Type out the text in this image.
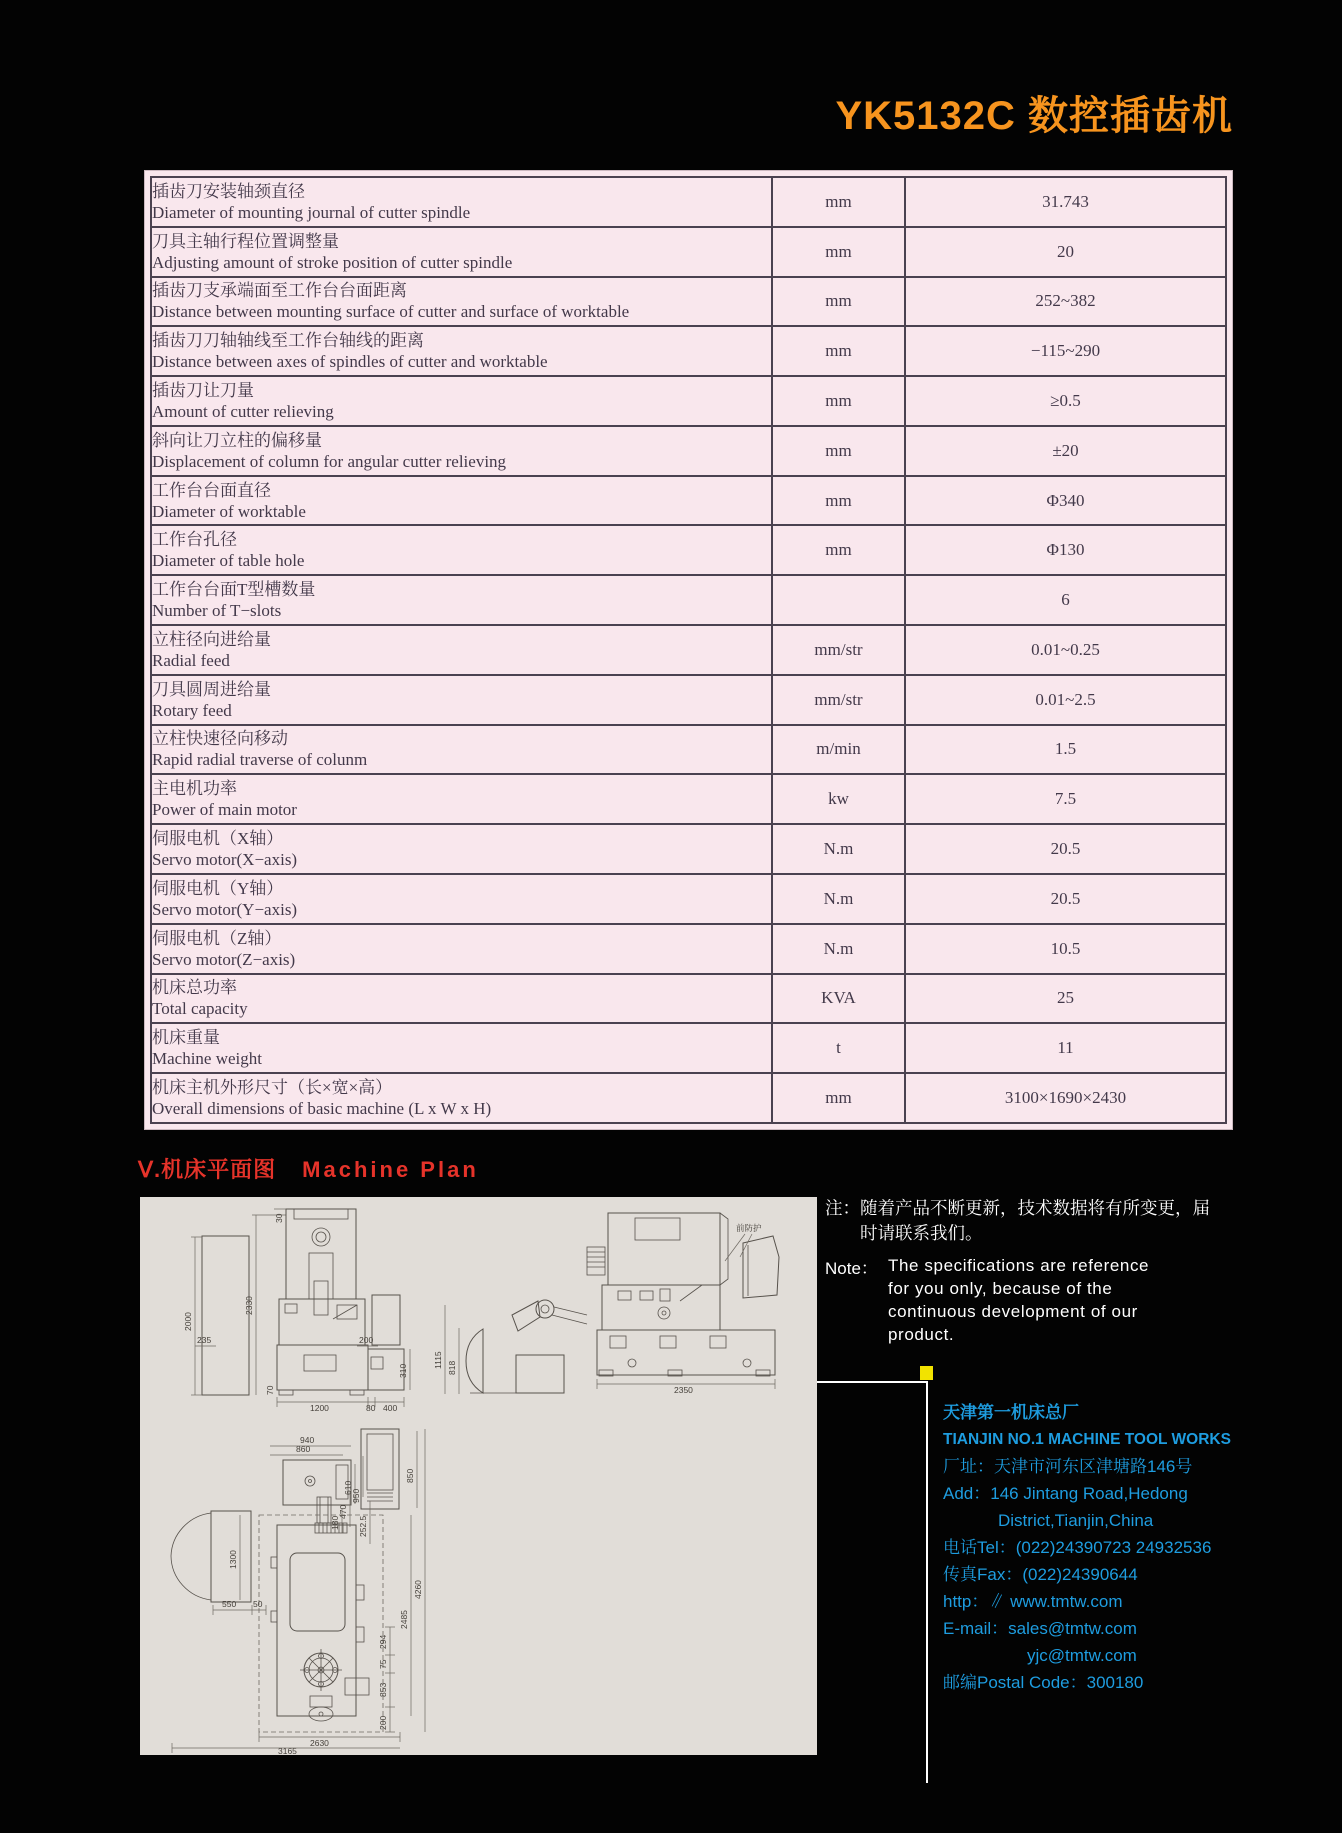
YK5132C 数控插齿机
插齿刀安装轴颈直径
Diameter of mounting journal of cutter spindle	mm	31.743

刀具主轴行程位置调整量
Adjusting amount of stroke position of cutter spindle	mm	20

插齿刀支承端面至工作台台面距离
Distance between mounting surface of cutter and surface of worktable	mm	252~382

插齿刀刀轴轴线至工作台轴线的距离
Distance between axes of spindles of cutter and worktable	mm	−115~290

插齿刀让刀量
Amount of cutter relieving	mm	≥0.5

斜向让刀立柱的偏移量
Displacement of column for angular cutter relieving	mm	±20

工作台台面直径
Diameter of worktable	mm	Φ340

工作台孔径
Diameter of table hole	mm	Φ130

工作台台面T型槽数量
Number of T−slots		6

立柱径向进给量
Radial feed	mm/str	0.01~0.25

刀具圆周进给量
Rotary feed	mm/str	0.01~2.5

立柱快速径向移动
Rapid radial traverse of colunm	m/min	1.5

主电机功率
Power of main motor	kw	7.5

伺服电机（X轴）
Servo motor(X−axis)	N.m	20.5

伺服电机（Y轴）
Servo motor(Y−axis)	N.m	20.5

伺服电机（Z轴）
Servo motor(Z−axis)	N.m	10.5

机床总功率
Total capacity	KVA	25

机床重量
Machine weight	t	11

机床主机外形尺寸（长×宽×高）
Overall dimensions of basic machine (L x W x H)	mm	3100×1690×2430
—
Ⅴ.机床平面图 Machine Plan
2000
2330
30
235	200
70
310
1200	80 400
前防护
1115 818
2350
940
860
850
610
950
470
180 252.5
1300
550 50
2485
4260
294
75
853
200
2630
3165
注：随着产品不断更新，技术数据将有所变更，届
时请联系我们。
Note： The specifications are reference
for you only, because of the
continuous development of our
product.
天津第一机床总厂
TIANJIN NO.1 MACHINE TOOL WORKS
厂址：天津市河东区津塘路146号
Add：146 Jintang Road,Hedong
District,Tianjin,China
电话Tel：(022)24390723 24932536
传真Fax：(022)24390644
http：∥ www.tmtw.com
E-mail：sales@tmtw.com
yjc@tmtw.com
邮编Postal Code：300180
